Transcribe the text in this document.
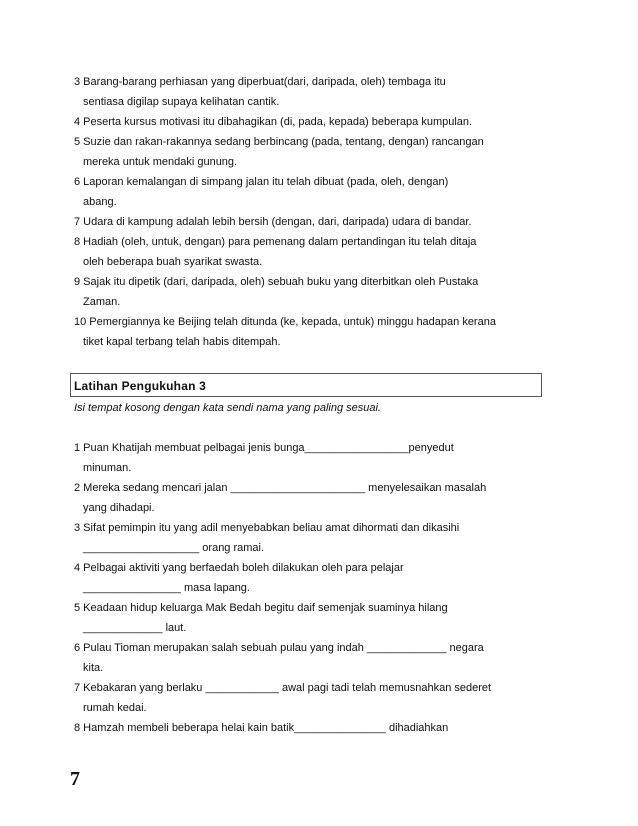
3 Barang-barang perhiasan yang diperbuat(dari, daripada, oleh) tembaga itu
sentiasa digilap supaya kelihatan cantik.
4 Peserta kursus motivasi itu dibahagikan (di, pada, kepada) beberapa kumpulan.
5 Suzie dan rakan-rakannya sedang berbincang (pada, tentang, dengan) rancangan
mereka untuk mendaki gunung.
6 Laporan kemalangan di simpang jalan itu telah dibuat (pada, oleh, dengan)
abang.
7 Udara di kampung adalah lebih bersih (dengan, dari, daripada) udara di bandar.
8 Hadiah (oleh, untuk, dengan) para pemenang dalam pertandingan itu telah ditaja
oleh beberapa buah syarikat swasta.
9 Sajak itu dipetik (dari, daripada, oleh) sebuah buku yang diterbitkan oleh Pustaka
Zaman.
10 Pemergiannya ke Beijing telah ditunda (ke, kepada, untuk) minggu hadapan kerana
tiket kapal terbang telah habis ditempah.
Latihan Pengukuhan 3
Isi tempat kosong dengan kata sendi nama yang paling sesuai.
1 Puan Khatijah membuat pelbagai jenis bunga_________________penyedut
minuman.
2 Mereka sedang mencari jalan ______________________ menyelesaikan masalah
yang dihadapi.
3 Sifat pemimpin itu yang adil menyebabkan beliau amat dihormati dan dikasihi
___________________ orang ramai.
4 Pelbagai aktiviti yang berfaedah boleh dilakukan oleh para pelajar
________________ masa lapang.
5 Keadaan hidup keluarga Mak Bedah begitu daif semenjak suaminya hilang
_____________ laut.
6 Pulau Tioman merupakan salah sebuah pulau yang indah _____________ negara
kita.
7 Kebakaran yang berlaku ____________ awal pagi tadi telah memusnahkan sederet
rumah kedai.
8 Hamzah membeli beberapa helai kain batik_______________ dihadiahkan
7
